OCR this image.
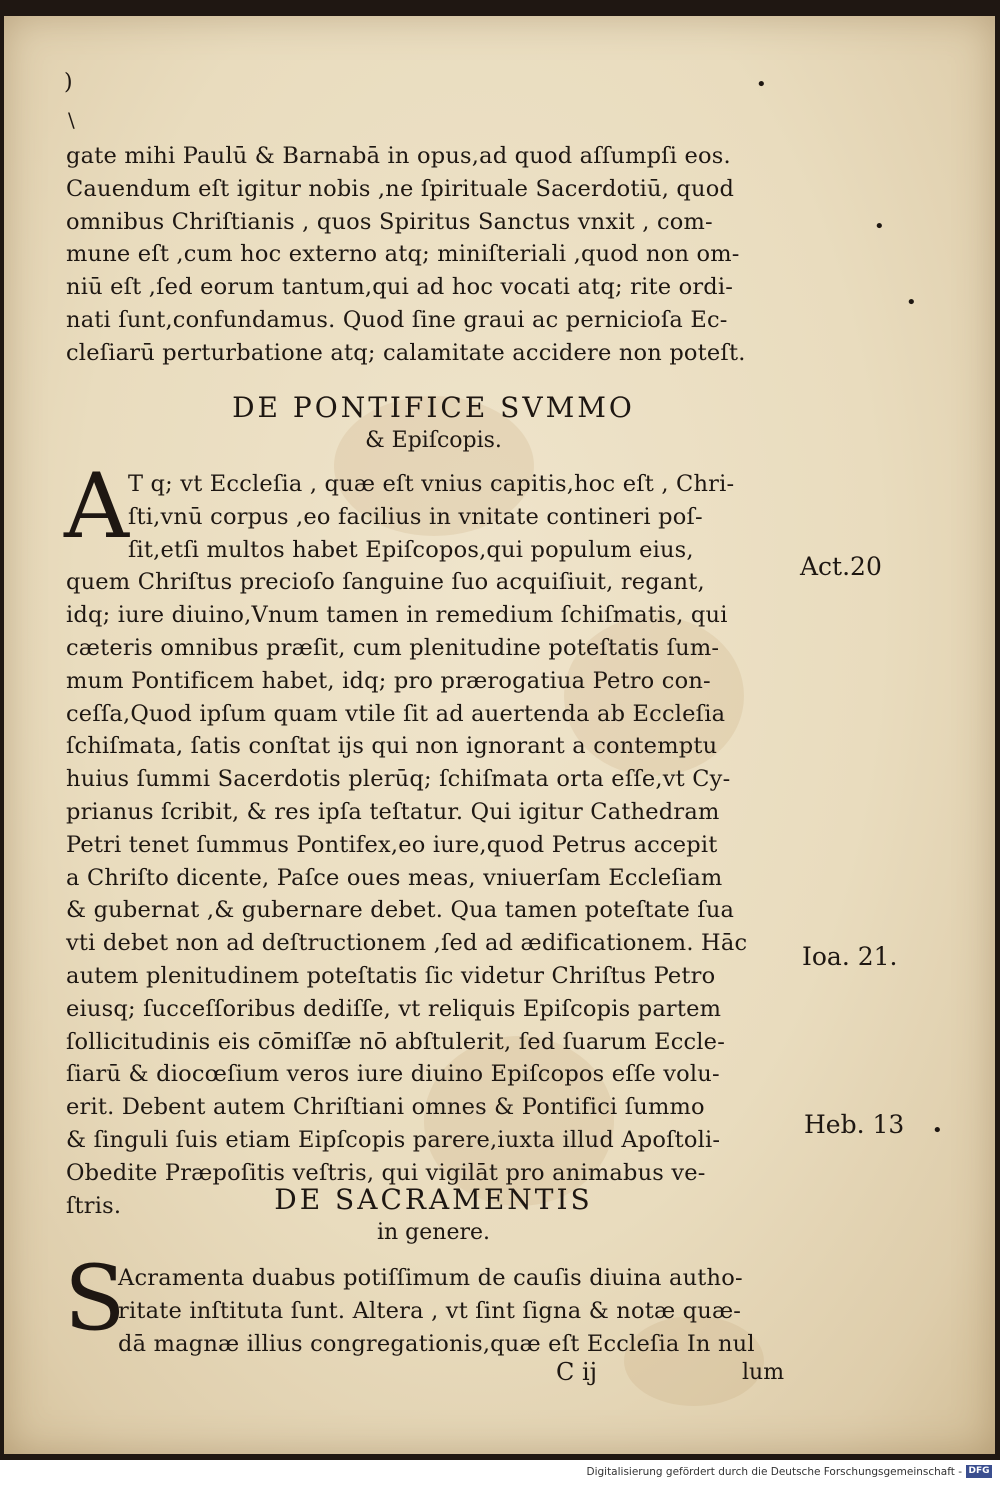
)
\
•
•
•
•
gate mihi Paulū & Barnabā in opus,ad quod aſſumpſi eos.
Cauendum eſt igitur nobis ,ne ſpirituale Sacerdotiū, quod
omnibus Chriſtianis , quos Spiritus Sanctus vnxit , com-
mune eſt ,cum hoc externo atq; miniſteriali ,quod non om-
niū eſt ,ſed eorum tantum,qui ad hoc vocati atq; rite ordi-
nati ſunt,confundamus. Quod ſine graui ac pernicioſa Ec-
cleſiarū perturbatione atq; calamitate accidere non poteſt.
DE PONTIFICE SVMMO
& Epiſcopis.
A T q; vt Eccleſia , quæ eſt vnius capitis,hoc eſt , Chri-
ſti,vnū corpus ,eo facilius in vnitate contineri poſ-
ſit,etſi multos habet Epiſcopos,qui populum eius,
quem Chriſtus precioſo ſanguine ſuo acquiſiuit, regant,
idq; iure diuino,Vnum tamen in remedium ſchiſmatis, qui
cæteris omnibus præſit, cum plenitudine poteſtatis ſum-
mum Pontificem habet, idq; pro prærogatiua Petro con-
ceſſa,Quod ipſum quam vtile ſit ad auertenda ab Eccleſia
ſchiſmata, ſatis conſtat ijs qui non ignorant a contemptu
huius ſummi Sacerdotis plerūq; ſchiſmata orta eſſe,vt Cy-
prianus ſcribit, & res ipſa teſtatur. Qui igitur Cathedram
Petri tenet ſummus Pontifex,eo iure,quod Petrus accepit
a Chriſto dicente, Paſce oues meas, vniuerſam Eccleſiam
& gubernat ,& gubernare debet. Qua tamen poteſtate ſua
vti debet non ad deſtructionem ,ſed ad ædificationem. Hāc
autem plenitudinem poteſtatis ſic videtur Chriſtus Petro
eiusq; ſucceſſoribus dediſſe, vt reliquis Epiſcopis partem
ſollicitudinis eis cōmiſſæ nō abſtulerit, ſed ſuarum Eccle-
ſiarū & diocœſium veros iure diuino Epiſcopos eſſe volu-
erit. Debent autem Chriſtiani omnes & Pontifici ſummo
& ſinguli ſuis etiam Eipſcopis parere,iuxta illud Apoſtoli-
Obedite Præpoſitis veſtris, qui vigilāt pro animabus ve-
ſtris.
Act.20
Ioa. 21.
Heb. 13
DE SACRAMENTIS
in genere.
S
Acramenta duabus potiſſimum de cauſis diuina autho-
ritate inſtituta ſunt. Altera , vt ſint ſigna & notæ quæ-
dā magnæ illius congregationis,quæ eſt Eccleſia In nul
C ij	lum
Digitalisierung gefördert durch die Deutsche Forschungsgemeinschaft - DFG
